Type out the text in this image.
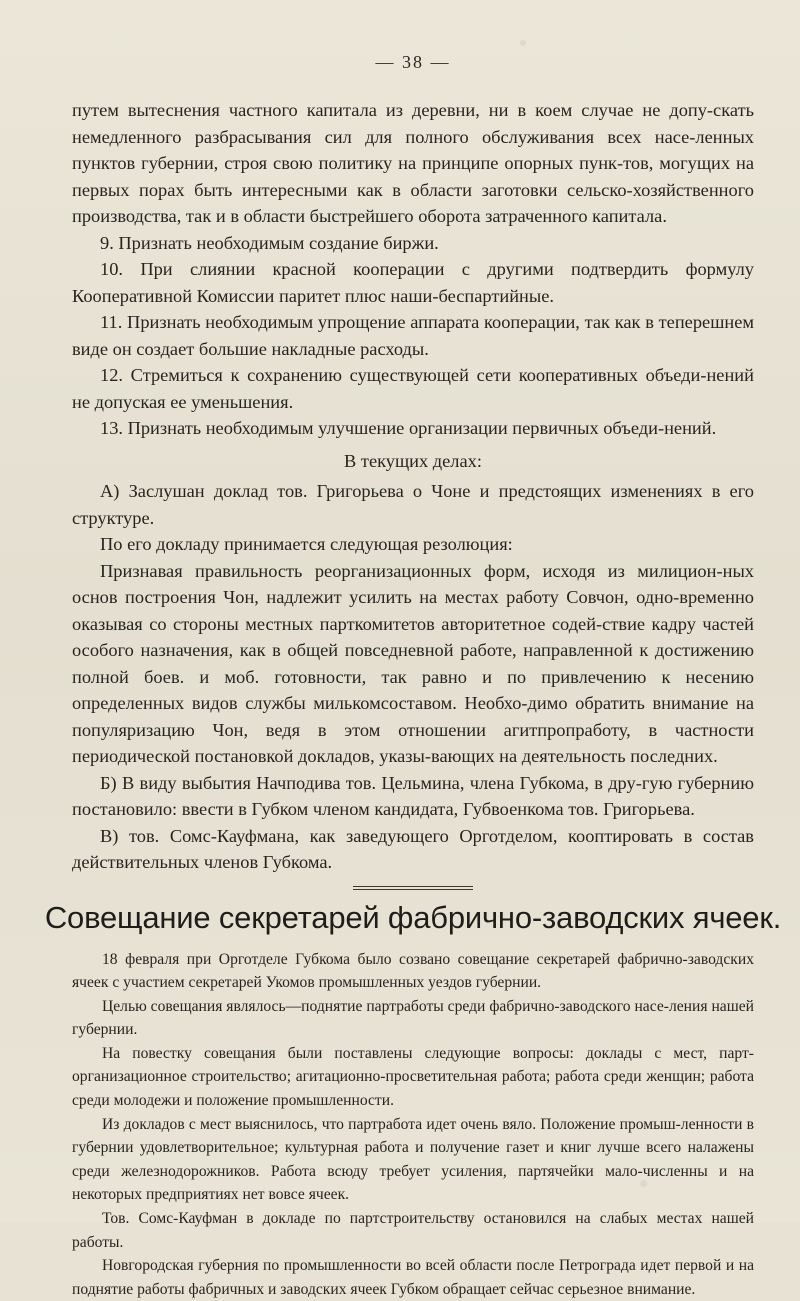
— 38 —

путем вытеснения частного капитала из деревни, ни в коем случае не допу-скать немедленного разбрасывания сил для полного обслуживания всех насе-ленных пунктов губернии, строя свою политику на принципе опорных пунк-тов, могущих на первых порах быть интересными как в области заготовки сельско-хозяйственного производства, так и в области быстрейшего оборота затраченного капитала.

9. Признать необходимым создание биржи.

10. При слиянии красной кооперации с другими подтвердить формулу Кооперативной Комиссии паритет плюс наши-беспартийные.

11. Признать необходимым упрощение аппарата кооперации, так как в теперешнем виде он создает большие накладные расходы.

12. Стремиться к сохранению существующей сети кооперативных объеди-нений не допуская ее уменьшения.

13. Признать необходимым улучшение организации первичных объеди-нений.

В текущих делах:

А) Заслушан доклад тов. Григорьева о Чоне и предстоящих изменениях в его структуре.

По его докладу принимается следующая резолюция:

Признавая правильность реорганизационных форм, исходя из милицион-ных основ построения Чон, надлежит усилить на местах работу Совчон, одно-временно оказывая со стороны местных парткомитетов авторитетное содей-ствие кадру частей особого назначения, как в общей повседневной работе, направленной к достижению полной боев. и моб. готовности, так равно и по привлечению к несению определенных видов службы милькомсоставом. Необхо-димо обратить внимание на популяризацию Чон, ведя в этом отношении агитпропработу, в частности периодической постановкой докладов, указы-вающих на деятельность последних.

Б) В виду выбытия Начподива тов. Цельмина, члена Губкома, в дру-гую губернию постановило: ввести в Губком членом кандидата, Губвоенкома тов. Григорьева.

В) тов. Сомс-Кауфмана, как заведующего Орготделом, кооптировать в состав действительных членов Губкома.

Совещание секретарей фабрично-заводских ячеек.

18 февраля при Орготделе Губкома было созвано совещание секретарей фабрично-заводских ячеек с участием секретарей Укомов промышленных уездов губернии.

Целью совещания являлось—поднятие партработы среди фабрично-заводского насе-ления нашей губернии.

На повестку совещания были поставлены следующие вопросы: доклады с мест, парт-организационное строительство; агитационно-просветительная работа; работа среди женщин; работа среди молодежи и положение промышленности.

Из докладов с мест выяснилось, что партработа идет очень вяло. Положение промыш-ленности в губернии удовлетворительное; культурная работа и получение газет и книг лучше всего налажены среди железнодорожников. Работа всюду требует усиления, партячейки мало-численны и на некоторых предприятиях нет вовсе ячеек.

Тов. Сомс-Кауфман в докладе по партстроительству остановился на слабых местах нашей работы.

Новгородская губерния по промышленности во всей области после Петрограда идет первой и на поднятие работы фабричных и заводских ячеек Губком обращает сейчас серьезное внимание.
